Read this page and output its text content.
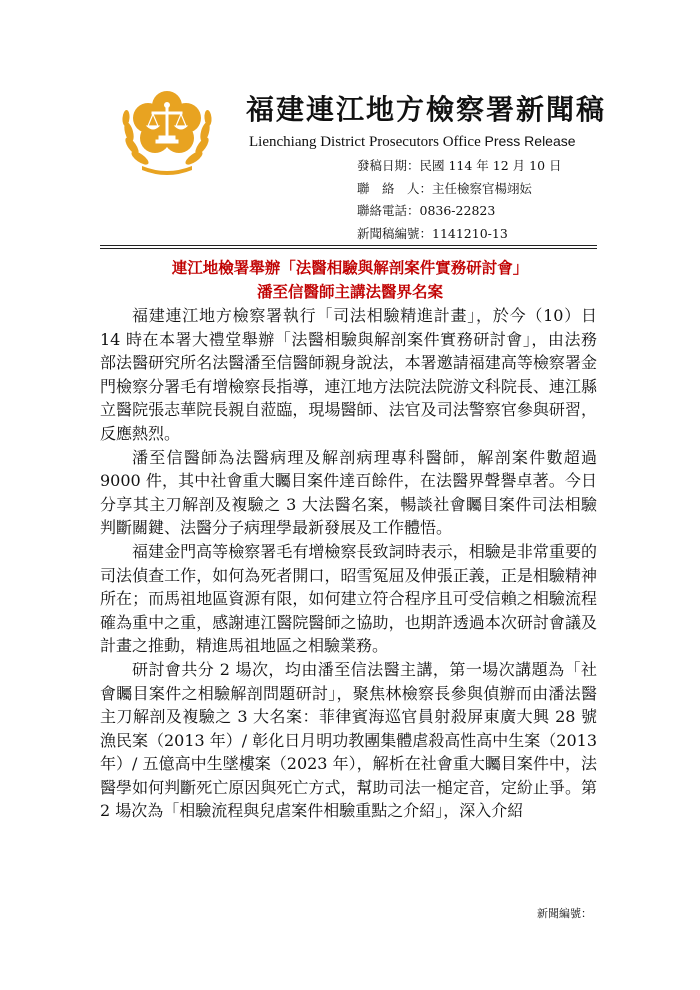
福建連江地方檢察署新聞稿
Lienchiang District Prosecutors Office Press Release
發稿日期：民國 114 年 12 月 10 日
聯　絡　人：主任檢察官楊翊妘
聯絡電話：0836-22823
新聞稿編號：1141210-13
連江地檢署舉辦「法醫相驗與解剖案件實務研討會」
潘至信醫師主講法醫界名案

福建連江地方檢察署執行「司法相驗精進計畫」，於今（10）日 14 時在本署大禮堂舉辦「法醫相驗與解剖案件實務研討會」，由法務部法醫研究所名法醫潘至信醫師親身說法，本署邀請福建高等檢察署金門檢察分署毛有增檢察長指導，連江地方法院法院游文科院長、連江縣立醫院張志華院長親自蒞臨，現場醫師、法官及司法警察官參與研習，反應熱烈。

潘至信醫師為法醫病理及解剖病理專科醫師，解剖案件數超過 9000 件，其中社會重大矚目案件達百餘件，在法醫界聲譽卓著。今日分享其主刀解剖及複驗之 3 大法醫名案，暢談社會矚目案件司法相驗判斷關鍵、法醫分子病理學最新發展及工作體悟。

福建金門高等檢察署毛有增檢察長致詞時表示，相驗是非常重要的司法偵查工作，如何為死者開口，昭雪冤屈及伸張正義，正是相驗精神所在；而馬祖地區資源有限，如何建立符合程序且可受信賴之相驗流程確為重中之重，感謝連江醫院醫師之協助，也期許透過本次研討會議及計畫之推動，精進馬祖地區之相驗業務。

研討會共分 2 場次，均由潘至信法醫主講，第一場次講題為「社會矚目案件之相驗解剖問題研討」，聚焦林檢察長參與偵辦而由潘法醫主刀解剖及複驗之 3 大名案：菲律賓海巡官員射殺屏東廣大興 28 號漁民案（2013 年）/ 彰化日月明功教團集體虐殺高性高中生案（2013 年）/ 五億高中生墜樓案（2023 年），解析在社會重大矚目案件中，法醫學如何判斷死亡原因與死亡方式，幫助司法一槌定音，定紛止爭。第 2 場次為「相驗流程與兒虐案件相驗重點之介紹」，深入介紹

新聞編號：
